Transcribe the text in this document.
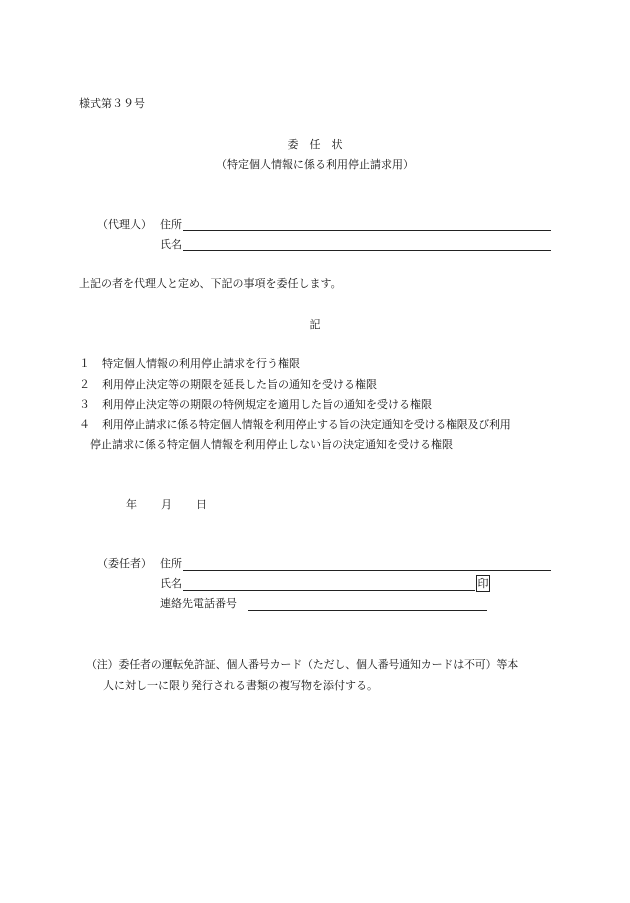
様式第３９号
委　任　状
（特定個人情報に係る利用停止請求用）
（代理人） 住所
氏名
上記の者を代理人と定め、下記の事項を委任します。
記
１ 特定個人情報の利用停止請求を行う権限
２ 利用停止決定等の期限を延長した旨の通知を受ける権限
３ 利用停止決定等の期限の特例規定を適用した旨の通知を受ける権限
４ 利用停止請求に係る特定個人情報を利用停止する旨の決定通知を受ける権限及び利用
停止請求に係る特定個人情報を利用停止しない旨の決定通知を受ける権限
年 月 日
（委任者） 住所
氏名	印
連絡先電話番号
（注）委任者の運転免許証、個人番号カード（ただし、個人番号通知カードは不可）等本
人に対し一に限り発行される書類の複写物を添付する。
